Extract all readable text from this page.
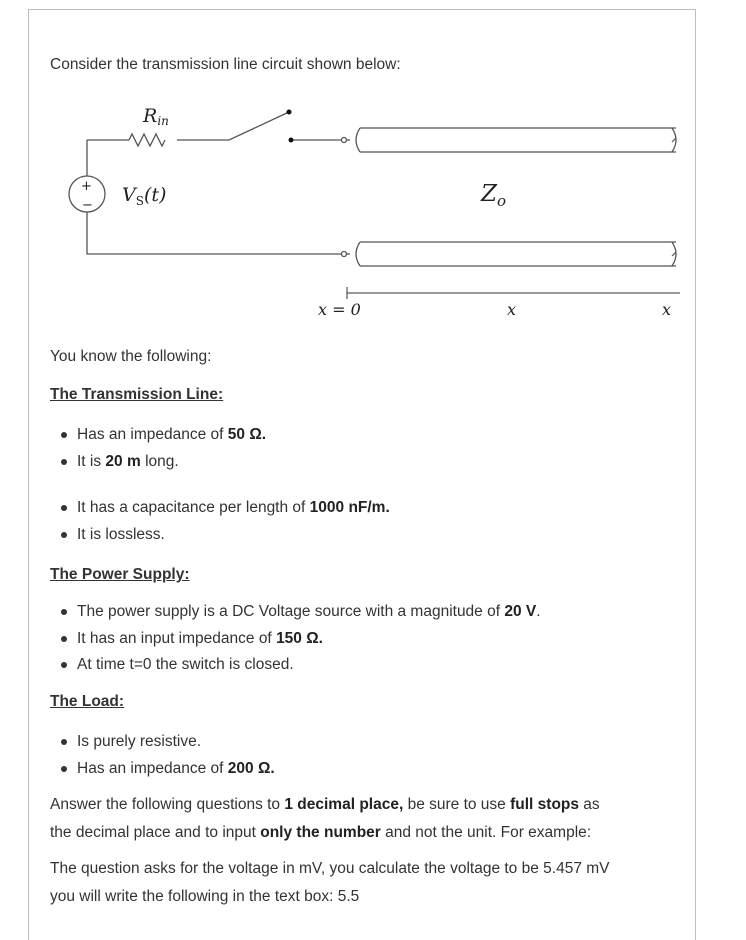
Consider the transmission line circuit shown below:
+
−
Rin
$V_S(t)$	$Z_o$
x = 0	x	x
You know the following:
The Transmission Line:
Has an impedance of 50 Ω.
It is 20 m long.
It has a capacitance per length of 1000 nF/m.
It is lossless.
The Power Supply:
The power supply is a DC Voltage source with a magnitude of 20 V.
It has an input impedance of 150 Ω.
At time t=0 the switch is closed.
The Load:
Is purely resistive.
Has an impedance of 200 Ω.
Answer the following questions to 1 decimal place, be sure to use full stops as
the decimal place and to input only the number and not the unit. For example:
The question asks for the voltage in mV, you calculate the voltage to be 5.457 mV
you will write the following in the text box: 5.5
